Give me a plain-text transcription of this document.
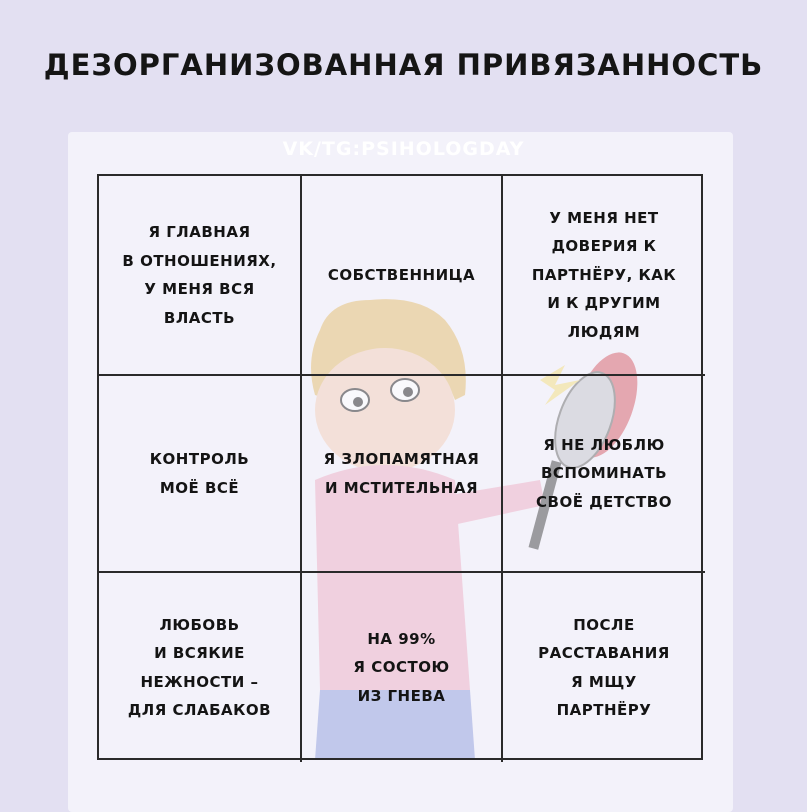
ДЕЗОРГАНИЗОВАННАЯ ПРИВЯЗАННОСТЬ
VK/TG:PSIHOLOGDAY
Я ГЛАВНАЯ
В ОТНОШЕНИЯХ,
У МЕНЯ ВСЯ
ВЛАСТЬ
СОБСТВЕННИЦА
У МЕНЯ НЕТ
ДОВЕРИЯ К
ПАРТНЁРУ, КАК
И К ДРУГИМ
ЛЮДЯМ
КОНТРОЛЬ
МОЁ ВСЁ
Я ЗЛОПАМЯТНАЯ
И МСТИТЕЛЬНАЯ
Я НЕ ЛЮБЛЮ
ВСПОМИНАТЬ
СВОЁ ДЕТСТВО
ЛЮБОВЬ
И ВСЯКИЕ
НЕЖНОСТИ –
ДЛЯ СЛАБАКОВ
НА 99%
Я СОСТОЮ
ИЗ ГНЕВА
ПОСЛЕ
РАССТАВАНИЯ
Я МЩУ
ПАРТНЁРУ
